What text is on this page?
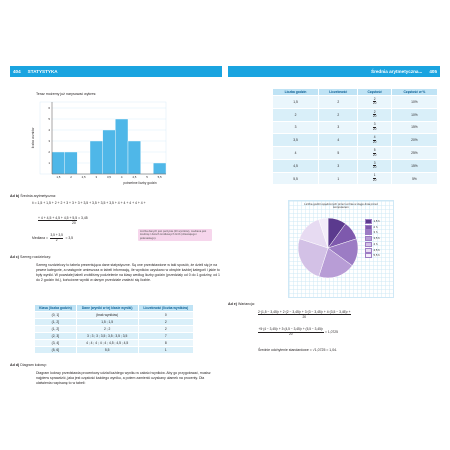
404	STATYSTYKA
Teraz możemy już narysować wykres:
1
2
3
4
5
6
1,5	2	2,5	3	3,5	4	4,5	5	5,5
liczba uczniów
potrzebne liczby godzin
Ad b) Średnia arytmetyczna:
x̄ = 1,5 + 1,5 + 2 + 2 + 3 + 3 + 3 + 3,5 + 3,5 + 3,5 + 3,5 + 4 + 4 + 4 + 4 + 4 +
+ 4 + 4,5 + 4,5 + 4,5 + 5,5 = 3,45
20
Mediana = $\frac{3,5 + 3,5}{2} = 3,5$
Liczba danych jest parzysta (20 wyników), mediana jest średnią z dwóch środkowych liczb (dziesiątego i jedenastego).
Ad c) Szereg rozdzielczy:
Szereg rozdzielczy to tabela prezentująca dane statystyczne. Są one przedstawione w taki sposób, że dzieli się je na pewne kategorie, a następnie umieszcza w tabeli informację, ile wyników uzyskano w obrębie każdej kategorii i jakie to były wyniki. W powstałej tabeli zrobiliśmy podzielenie na klasy według liczby godzin (przedziały od 0 do 1 godziny, od 1 do 2 godzin itd.), końcówne wyniki w danym przedziale znaleźć się liczbie.
Klasa (liczba godzin)	Dane (wyniki w tej klasie wyniki)	Liczebność (liczba wyników)
(0, 1]	(brak wyników)	0
(1, 2]	1,5 ; 1,5	2
(1, 2]	2 ; 2	2
(2, 3]	3 ; 3 ; 3 ; 3,5 ; 3,5 ; 3,5 ; 3,5	7
(3, 4]	4 ; 4 ; 4 ; 4 ; 4 ; 4,5 ; 4,5 ; 4,5	8
(5, 6]	5,5	1
Ad d) Diagram kołowy:
Diagram kołowy przedstawia procentowy udział każdego wyniku w całości wyników. Aby go przygotować, musisz najpierw sprawdzić, jaka jest częstość każdego wyniku, a potem zamienić uzyskany ułamek na procenty. Dla ułatwienia rozpisanę to w tabeli:
Średnia arytmetyczna...	405
Liczba godzin	Liczebność	Częstość	Częstość w %
1,5	2	$\frac{2}{20}$	10%
2	2	$\frac{2}{20}$	10%
3	3	$\frac{3}{20}$	15%
3,5	4	$\frac{4}{20}$	20%
4	5	$\frac{5}{20}$	25%
4,5	3	$\frac{3}{20}$	15%
5,5	1	$\frac{1}{20}$	5%
Liczba godzin spędzonych przez ucznia w ciągu dnia przed komputerem
1,5 h
2 h
3 h
3,5 h
4 h
4,5 h
5,5 h
Ad e) Wariancja:
2·(1,5 − 3,45)² + 2·(2 − 3,45)² + 3·(3 − 3,45)² + 4·(3,5 − 3,45)² +
20
$\frac{\text{+5·(4 − 3,45)² + 3·(4,5 − 3,45)² + (5,5 − 3,45)²}}{20} = 1,0725$
Średnie odchylenie standardowe = √1,0725 ≈ 1,04.
